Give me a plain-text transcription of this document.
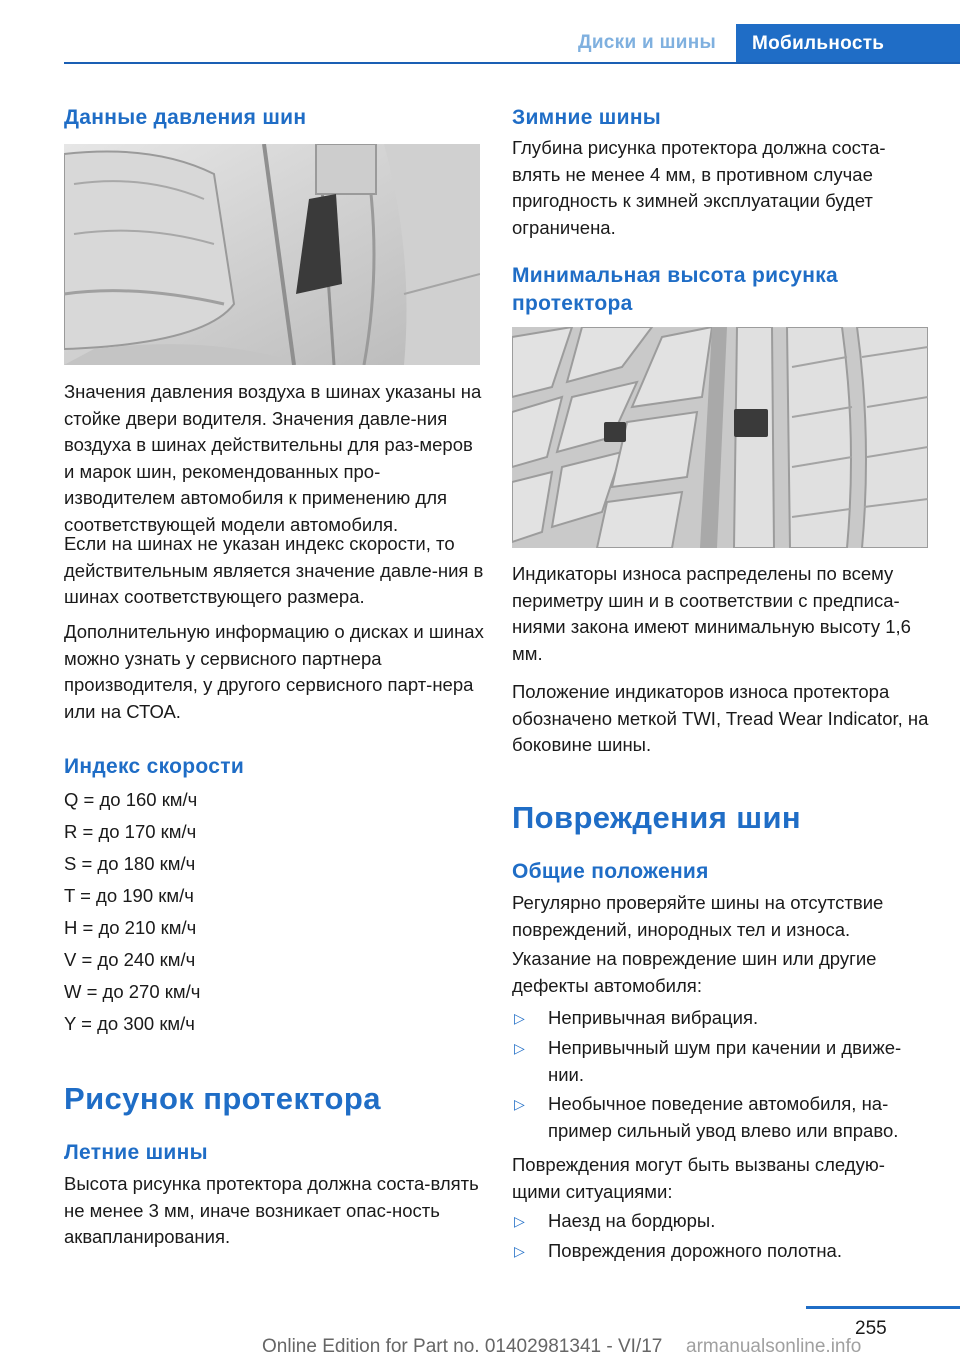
Диски и шины	Мобильность
Данные давления шин

Значения давления воздуха в шинах указаны на стойке двери водителя. Значения давле‐ния воздуха в шинах действительны для раз‐меров и марок шин, рекомендованных про‐изводителем автомобиля к применению для соответствующей модели автомобиля.

Если на шинах не указан индекс скорости, то действительным является значение давле‐ния в шинах соответствующего размера.

Дополнительную информацию о дисках и шинах можно узнать у сервисного партнера производителя, у другого сервисного парт‐нера или на СТОА.

Индекс скорости

Q = до 160 км/ч

R = до 170 км/ч

S = до 180 км/ч

T = до 190 км/ч

H = до 210 км/ч

V = до 240 км/ч

W = до 270 км/ч

Y = до 300 км/ч

Рисунок протектора
Летние шины

Высота рисунка протектора должна соста‐влять не менее 3 мм, иначе возникает опас‐ность аквапланирования.

Зимние шины

Глубина рисунка протектора должна соста‐влять не менее 4 мм, в противном случае пригодность к зимней эксплуатации будет ограничена.

Минимальная высота рисунка протектора

Индикаторы износа распределены по всему периметру шин и в соответствии с предписа‐ниями закона имеют минимальную высоту 1,6 мм.

Положение индикаторов износа протектора обозначено меткой TWI, Tread Wear Indicator, на боковине шины.

Повреждения шин
Общие положения

Регулярно проверяйте шины на отсутствие повреждений, инородных тел и износа.

Указание на повреждение шин или другие дефекты автомобиля:

▷	Непривычная вибрация.
▷	Непривычный шум при качении и движе‐нии.
▷	Необычное поведение автомобиля, на‐пример сильный увод влево или вправо.

Повреждения могут быть вызваны следую‐щими ситуациями:

▷	Наезд на бордюры.
▷	Повреждения дорожного полотна.
255
Online Edition for Part no. 01402981341 - VI/17 armanualsonline.info
